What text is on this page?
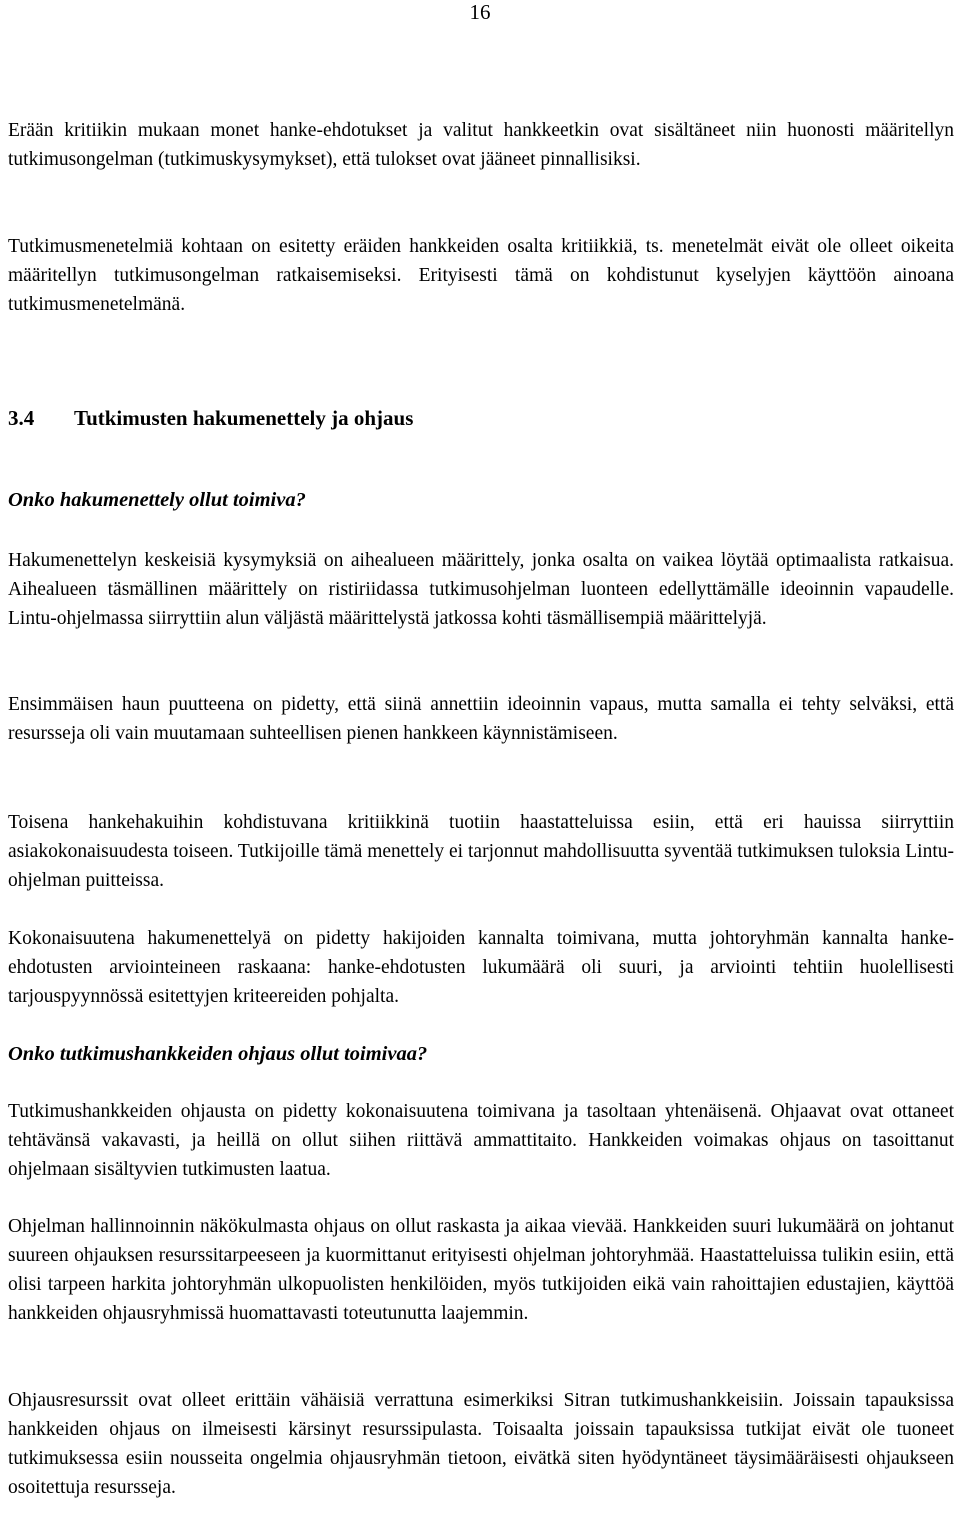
16

Erään kritiikin mukaan monet hanke-ehdotukset ja valitut hankkeetkin ovat sisältäneet niin huonosti määritellyn tutkimusongelman (tutkimuskysymykset), että tulokset ovat jääneet pinnallisiksi.

Tutkimusmenetelmiä kohtaan on esitetty eräiden hankkeiden osalta kritiikkiä, ts. menetelmät eivät ole olleet oikeita määritellyn tutkimusongelman ratkaisemiseksi. Erityisesti tämä on kohdistunut kyselyjen käyttöön ainoana tutkimusmenetelmänä.

3.4 Tutkimusten hakumenettely ja ohjaus
Onko hakumenettely ollut toimiva?

Hakumenettelyn keskeisiä kysymyksiä on aihealueen määrittely, jonka osalta on vaikea löytää optimaalista ratkaisua. Aihealueen täsmällinen määrittely on ristiriidassa tutkimusohjelman luonteen edellyttämälle ideoinnin vapaudelle. Lintu-ohjelmassa siirryttiin alun väljästä määrittelystä jatkossa kohti täsmällisempiä määrittelyjä.

Ensimmäisen haun puutteena on pidetty, että siinä annettiin ideoinnin vapaus, mutta samalla ei tehty selväksi, että resursseja oli vain muutamaan suhteellisen pienen hankkeen käynnistämiseen.

Toisena hankehakuihin kohdistuvana kritiikkinä tuotiin haastatteluissa esiin, että eri hauissa siirryttiin asiakokonaisuudesta toiseen. Tutkijoille tämä menettely ei tarjonnut mahdollisuutta syventää tutkimuksen tuloksia Lintu-ohjelman puitteissa.

Kokonaisuutena hakumenettelyä on pidetty hakijoiden kannalta toimivana, mutta johtoryhmän kannalta hanke-ehdotusten arviointeineen raskaana: hanke-ehdotusten lukumäärä oli suuri, ja arviointi tehtiin huolellisesti tarjouspyynnössä esitettyjen kriteereiden pohjalta.

Onko tutkimushankkeiden ohjaus ollut toimivaa?

Tutkimushankkeiden ohjausta on pidetty kokonaisuutena toimivana ja tasoltaan yhtenäisenä. Ohjaavat ovat ottaneet tehtävänsä vakavasti, ja heillä on ollut siihen riittävä ammattitaito. Hankkeiden voimakas ohjaus on tasoittanut ohjelmaan sisältyvien tutkimusten laatua.

Ohjelman hallinnoinnin näkökulmasta ohjaus on ollut raskasta ja aikaa vievää. Hankkeiden suuri lukumäärä on johtanut suureen ohjauksen resurssitarpeeseen ja kuormittanut erityisesti ohjelman johtoryhmää. Haastatteluissa tulikin esiin, että olisi tarpeen harkita johtoryhmän ulkopuolisten henkilöiden, myös tutkijoiden eikä vain rahoittajien edustajien, käyttöä hankkeiden ohjausryhmissä huomattavasti toteutunutta laajemmin.

Ohjausresurssit ovat olleet erittäin vähäisiä verrattuna esimerkiksi Sitran tutkimushankkeisiin. Joissain tapauksissa hankkeiden ohjaus on ilmeisesti kärsinyt resurssipulasta. Toisaalta joissain tapauksissa tutkijat eivät ole tuoneet tutkimuksessa esiin nousseita ongelmia ohjausryhmän tietoon, eivätkä siten hyödyntäneet täysimääräisesti ohjaukseen osoitettuja resursseja.
